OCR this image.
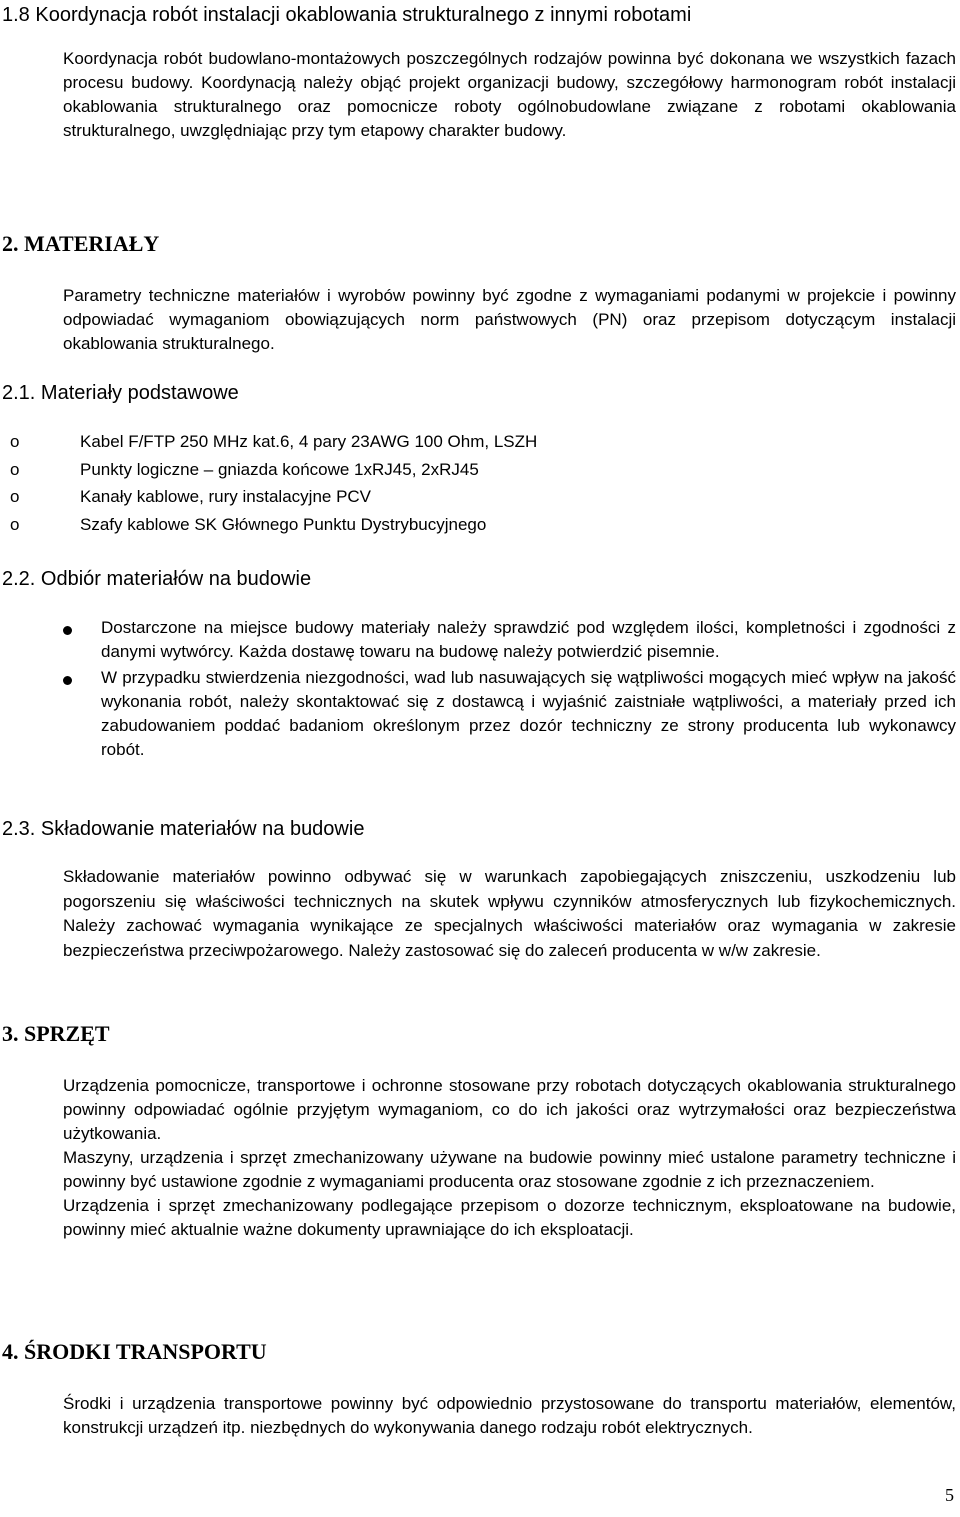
1.8 Koordynacja robót instalacji okablowania strukturalnego z innymi robotami
Koordynacja robót budowlano-montażowych poszczególnych rodzajów powinna być dokonana we wszystkich fazach procesu budowy. Koordynacją należy objąć projekt organizacji budowy, szczegółowy harmonogram robót instalacji okablowania strukturalnego oraz pomocnicze roboty ogólnobudowlane związane z robotami okablowania strukturalnego, uwzględniając przy tym etapowy charakter budowy.
2. MATERIAŁY
Parametry techniczne materiałów i wyrobów powinny być zgodne z wymaganiami podanymi w projekcie i powinny odpowiadać wymaganiom obowiązujących norm państwowych (PN) oraz przepisom dotyczącym instalacji okablowania strukturalnego.
2.1. Materiały podstawowe
o	Kabel F/FTP 250 MHz kat.6, 4 pary 23AWG 100 Ohm, LSZH
o	Punkty logiczne – gniazda końcowe 1xRJ45, 2xRJ45
o	Kanały kablowe, rury instalacyjne PCV
o	Szafy kablowe SK Głównego Punktu Dystrybucyjnego
2.2. Odbiór materiałów na budowie
Dostarczone na miejsce budowy materiały należy sprawdzić pod względem ilości, kompletności i zgodności z danymi wytwórcy. Każda dostawę towaru na budowę należy potwierdzić pisemnie.
W przypadku stwierdzenia niezgodności, wad lub nasuwających się wątpliwości mogących mieć wpływ na jakość wykonania robót, należy skontaktować się z dostawcą i wyjaśnić zaistniałe wątpliwości, a materiały przed ich zabudowaniem poddać badaniom określonym przez dozór techniczny ze strony producenta lub wykonawcy robót.
2.3. Składowanie materiałów na budowie
Składowanie materiałów powinno odbywać się w warunkach zapobiegających zniszczeniu, uszkodzeniu lub pogorszeniu się właściwości technicznych na skutek wpływu czynników atmosferycznych lub fizykochemicznych. Należy zachować wymagania wynikające ze specjalnych właściwości materiałów oraz wymagania w zakresie bezpieczeństwa przeciwpożarowego. Należy zastosować się do zaleceń producenta w w/w zakresie.
3. SPRZĘT
Urządzenia pomocnicze, transportowe i ochronne stosowane przy robotach dotyczących okablowania strukturalnego powinny odpowiadać ogólnie przyjętym wymaganiom, co do ich jakości oraz wytrzymałości oraz bezpieczeństwa użytkowania.
Maszyny, urządzenia i sprzęt zmechanizowany używane na budowie powinny mieć ustalone parametry techniczne i powinny być ustawione zgodnie z wymaganiami producenta oraz stosowane zgodnie z ich przeznaczeniem.
Urządzenia i sprzęt zmechanizowany podlegające przepisom o dozorze technicznym, eksploatowane na budowie, powinny mieć aktualnie ważne dokumenty uprawniające do ich eksploatacji.
4. ŚRODKI TRANSPORTU
Środki i urządzenia transportowe powinny być odpowiednio przystosowane do transportu materiałów, elementów, konstrukcji urządzeń itp. niezbędnych do wykonywania danego rodzaju robót elektrycznych.
5
